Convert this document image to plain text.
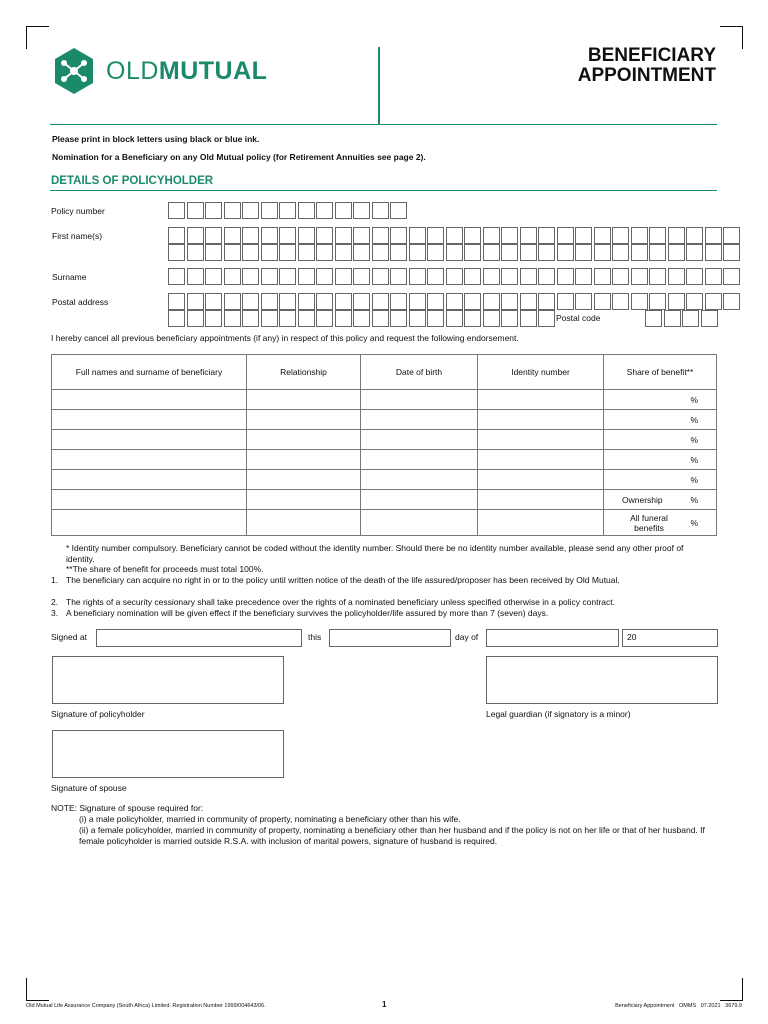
OLDMUTUAL
BENEFICIARY
APPOINTMENT
Please print in block letters using black or blue ink.
Nomination for a Beneficiary on any Old Mutual policy (for Retirement Annuities see page 2).
DETAILS OF POLICYHOLDER
Policy number
First name(s)
Surname
Postal address
Postal code
I hereby cancel all previous beneficiary appointments (if any) in respect of this policy and request the following endorsement.
Full names and surname of beneficiary	Relationship	Date of birth	Identity number	Share of benefit**

				%

				%

				%

				%

				%

				Ownership %

				All funeral benefits %
* Identity number compulsory. Beneficiary cannot be coded without the identity number. Should there be no identity number available, please send any other proof of identity.
**The share of benefit for proceeds must total 100%.
1. The beneficiary can acquire no right in or to the policy until written notice of the death of the life assured/proposer has been received by Old Mutual.
2. The rights of a security cessionary shall take precedence over the rights of a nominated beneficiary unless specified otherwise in a policy contract.
3. A beneficiary nomination will be given effect if the beneficiary survives the policyholder/life assured by more than 7 (seven) days.
Signed at	this	day of	20
Signature of policyholder	Legal guardian (if signatory is a minor)
Signature of spouse
NOTE: Signature of spouse required for:
(i) a male policyholder, married in community of property, nominating a beneficiary other than his wife.
(ii) a female policyholder, married in community of property, nominating a beneficiary other than her husband and if the policy is not on her life or that of her husband. If female policyholder is married outside R.S.A. with inclusion of marital powers, signature of husband is required.
Old Mutual Life Assurance Company (South Africa) Limited. Registration Number 1999/004643/06.	1	Beneficiary Appointment   OMMS   07.2021   3679.9
